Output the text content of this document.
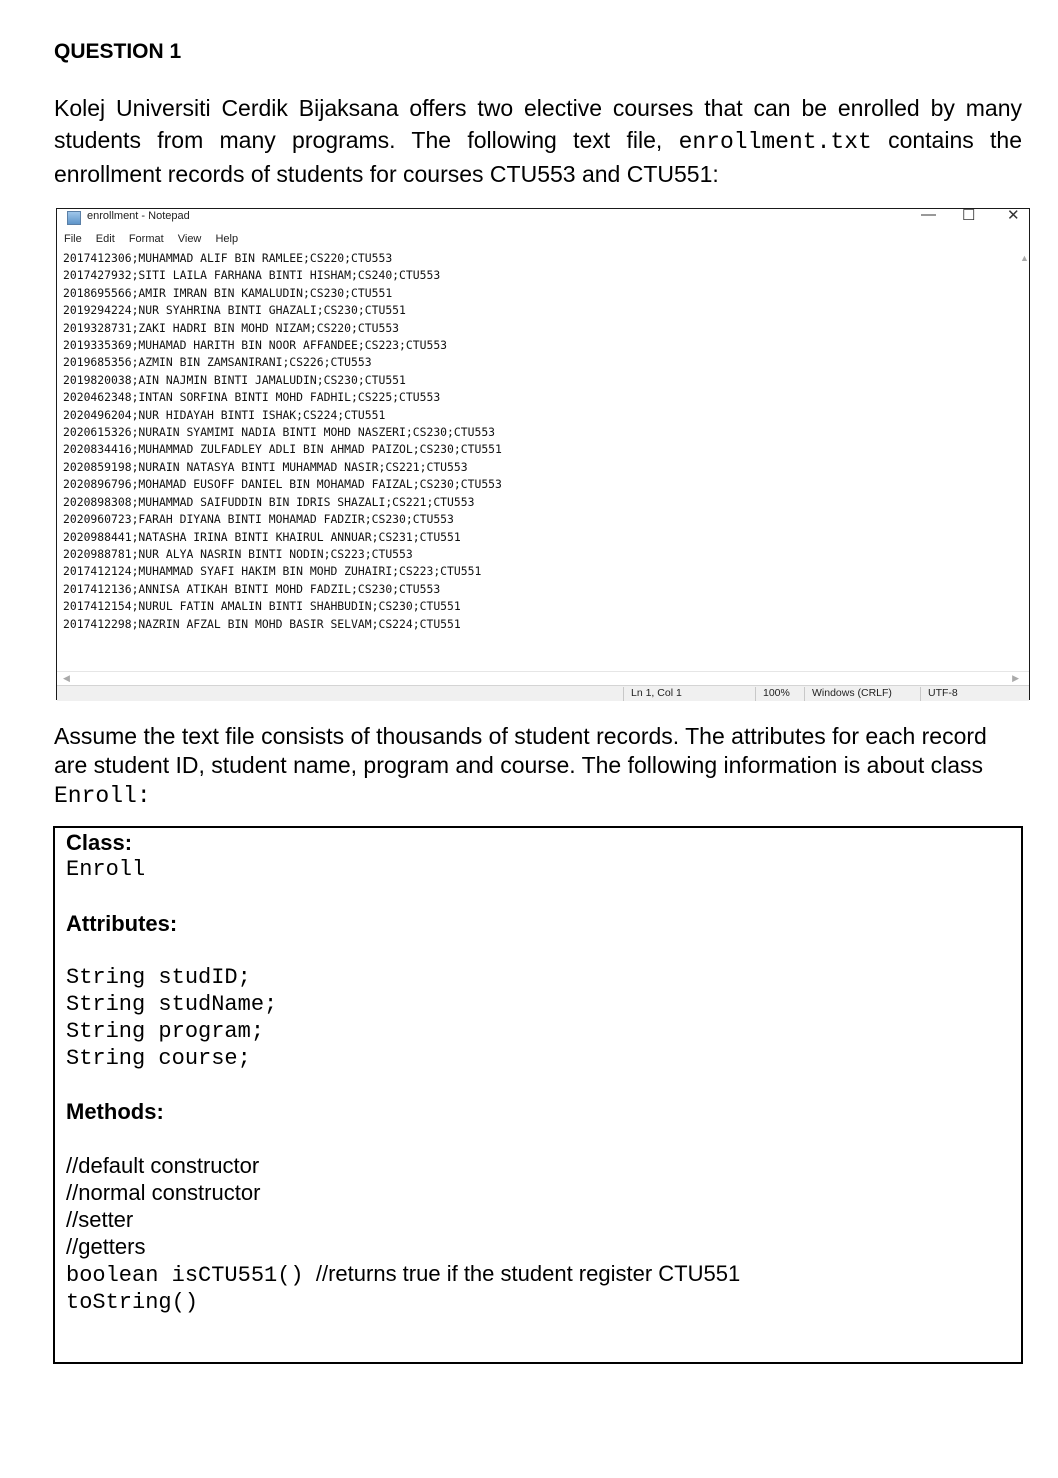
QUESTION 1
Kolej Universiti Cerdik Bijaksana offers two elective courses that can be enrolled by many students from many programs. The following text file, enrollment.txt contains the enrollment records of students for courses CTU553 and CTU551:
enrollment - Notepad	— ☐ ✕
File Edit Format View Help
2017412306;MUHAMMAD ALIF BIN RAMLEE;CS220;CTU553
2017427932;SITI LAILA FARHANA BINTI HISHAM;CS240;CTU553
2018695566;AMIR IMRAN BIN KAMALUDIN;CS230;CTU551
2019294224;NUR SYAHRINA BINTI GHAZALI;CS230;CTU551
2019328731;ZAKI HADRI BIN MOHD NIZAM;CS220;CTU553
2019335369;MUHAMAD HARITH BIN NOOR AFFANDEE;CS223;CTU553
2019685356;AZMIN BIN ZAMSANIRANI;CS226;CTU553
2019820038;AIN NAJMIN BINTI JAMALUDIN;CS230;CTU551
2020462348;INTAN SORFINA BINTI MOHD FADHIL;CS225;CTU553
2020496204;NUR HIDAYAH BINTI ISHAK;CS224;CTU551
2020615326;NURAIN SYAMIMI NADIA BINTI MOHD NASZERI;CS230;CTU553
2020834416;MUHAMMAD ZULFADLEY ADLI BIN AHMAD PAIZOL;CS230;CTU551
2020859198;NURAIN NATASYA BINTI MUHAMMAD NASIR;CS221;CTU553
2020896796;MOHAMAD EUSOFF DANIEL BIN MOHAMAD FAIZAL;CS230;CTU553
2020898308;MUHAMMAD SAIFUDDIN BIN IDRIS SHAZALI;CS221;CTU553
2020960723;FARAH DIYANA BINTI MOHAMAD FADZIR;CS230;CTU553
2020988441;NATASHA IRINA BINTI KHAIRUL ANNUAR;CS231;CTU551
2020988781;NUR ALYA NASRIN BINTI NODIN;CS223;CTU553
2017412124;MUHAMMAD SYAFI HAKIM BIN MOHD ZUHAIRI;CS223;CTU551
2017412136;ANNISA ATIKAH BINTI MOHD FADZIL;CS230;CTU553
2017412154;NURUL FATIN AMALIN BINTI SHAHBUDIN;CS230;CTU551
2017412298;NAZRIN AFZAL BIN MOHD BASIR SELVAM;CS224;CTU551
▲
◀	▶
Ln 1, Col 1	100%	Windows (CRLF)	UTF-8
Assume the text file consists of thousands of student records. The attributes for each record are student ID, student name, program and course. The following information is about class
Enroll:
Class:
Enroll
Attributes:
String studID;
String studName;
String program;
String course;
Methods:
//default constructor
//normal constructor
//setter
//getters
boolean isCTU551() //returns true if the student register CTU551
toString()
